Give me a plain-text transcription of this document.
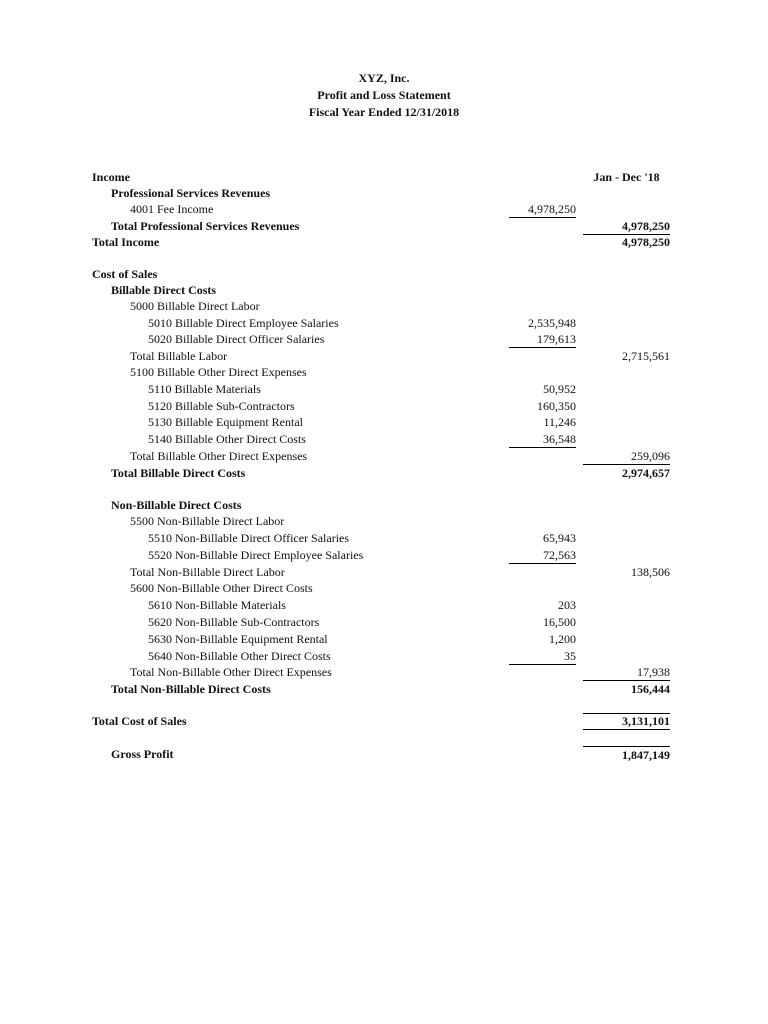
XYZ, Inc.
Profit and Loss Statement
Fiscal Year Ended 12/31/2018
Income	Jan - Dec '18
Professional Services Revenues
4001 Fee Income	4,978,250
Total Professional Services Revenues	4,978,250
Total Income	4,978,250
Cost of Sales
Billable Direct Costs
5000 Billable Direct Labor
5010 Billable Direct Employee Salaries	2,535,948
5020 Billable Direct Officer Salaries	179,613
Total Billable Labor	2,715,561
5100 Billable Other Direct Expenses
5110 Billable Materials	50,952
5120 Billable Sub-Contractors	160,350
5130 Billable Equipment Rental	11,246
5140 Billable Other Direct Costs	36,548
Total Billable Other Direct Expenses	259,096
Total Billable Direct Costs	2,974,657
Non-Billable Direct Costs
5500 Non-Billable Direct Labor
5510 Non-Billable Direct Officer Salaries	65,943
5520 Non-Billable Direct Employee Salaries	72,563
Total Non-Billable Direct Labor	138,506
5600 Non-Billable Other Direct Costs
5610 Non-Billable Materials	203
5620 Non-Billable Sub-Contractors	16,500
5630 Non-Billable Equipment Rental	1,200
5640 Non-Billable Other Direct Costs	35
Total Non-Billable Other Direct Expenses	17,938
Total Non-Billable Direct Costs	156,444
Total Cost of Sales	3,131,101
Gross Profit	1,847,149
